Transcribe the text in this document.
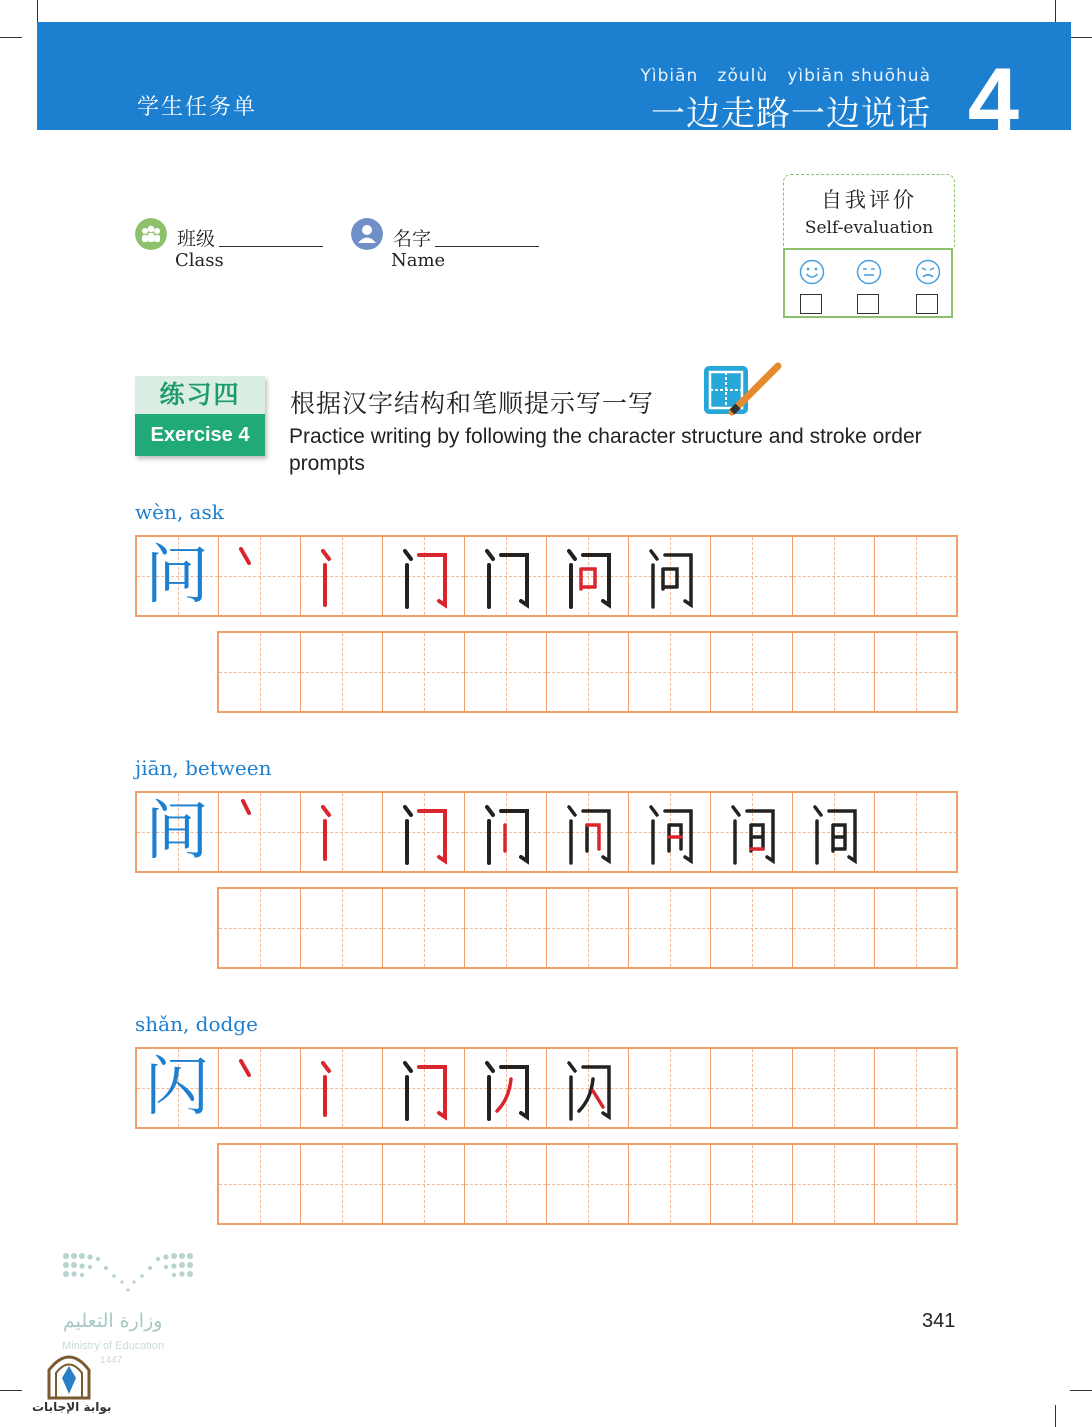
学生任务单
Yìbiān   zǒulù   yìbiān shuōhuà
一边走路一边说话 4
班级
Class
名字
Name
自我评价
Self-evaluation
练习四
Exercise 4
根据汉字结构和笔顺提示写一写
Practice writing by following the character structure and stroke order prompts
wèn, ask
问
jiān, between
间
shǎn, dodge
闪
وزارة التعليم
Ministry of Education
1447
341
بوابة الإجابات
